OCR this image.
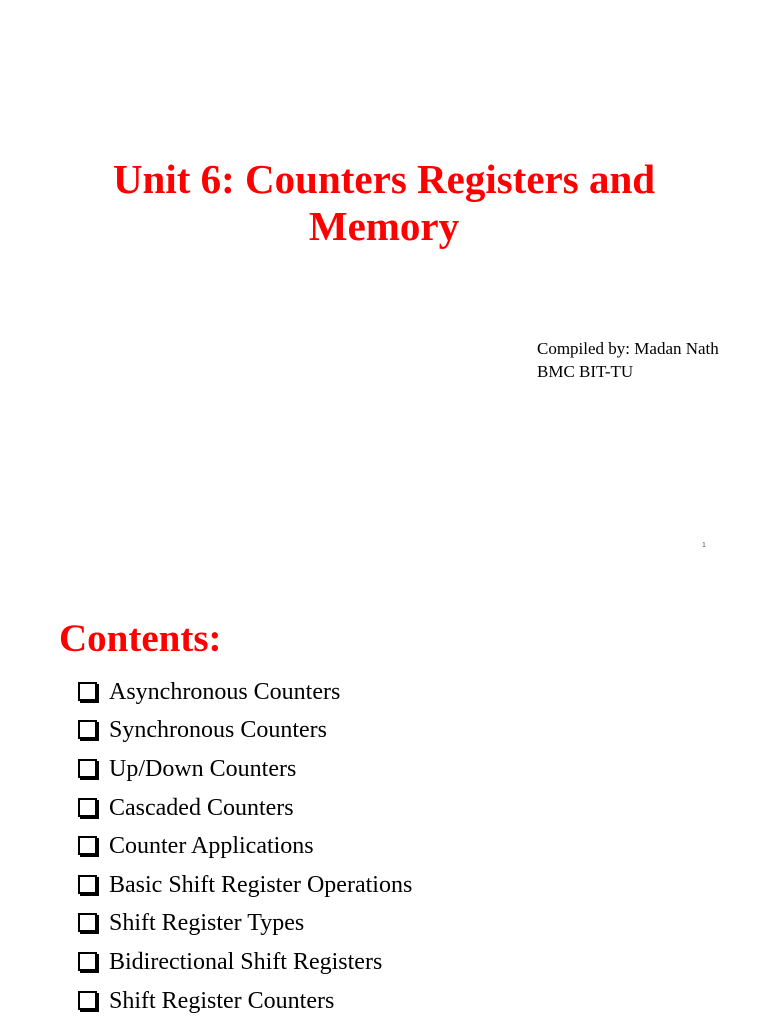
Unit 6: Counters Registers and Memory
Compiled by: Madan Nath
BMC BIT-TU
1
Contents:
Asynchronous Counters
Synchronous Counters
Up/Down Counters
Cascaded Counters
Counter Applications
Basic Shift Register Operations
Shift Register Types
Bidirectional Shift Registers
Shift Register Counters
